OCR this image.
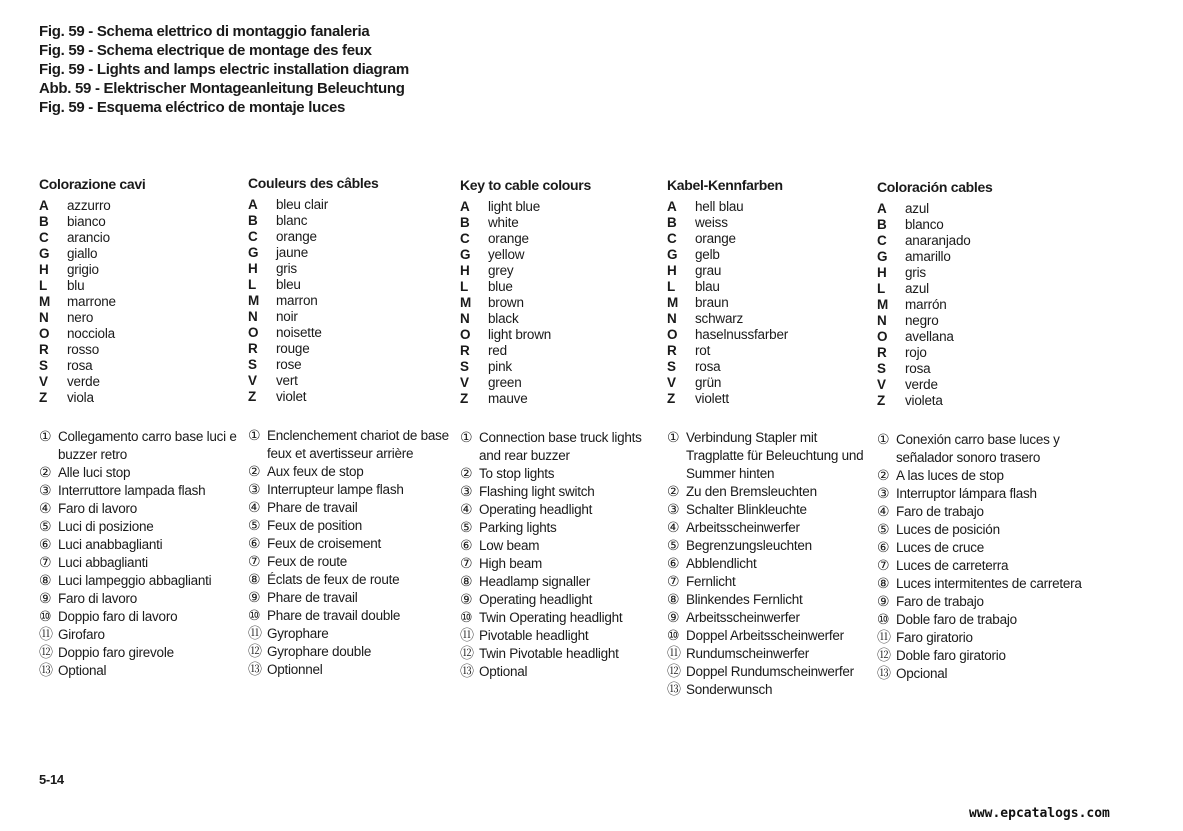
Fig. 59 - Schema elettrico di montaggio fanaleria
Fig. 59 - Schema electrique de montage des feux
Fig. 59 - Lights and lamps electric installation diagram
Abb. 59 - Elektrischer Montageanleitung Beleuchtung
Fig. 59 - Esquema eléctrico de montaje luces
Colorazione cavi
A	azzurro
B	bianco
C	arancio
G	giallo
H	grigio
L	blu
M	marrone
N	nero
O	nocciola
R	rosso
S	rosa
V	verde
Z	viola
① Collegamento carro base luci e buzzer retro
② Alle luci stop
③ Interruttore lampada flash
④ Faro di lavoro
⑤ Luci di posizione
⑥ Luci anabbaglianti
⑦ Luci abbaglianti
⑧ Luci lampeggio abbaglianti
⑨ Faro di lavoro
⑩ Doppio faro di lavoro
⑪ Girofaro
⑫ Doppio faro girevole
⑬ Optional
Couleurs des câbles
A	bleu clair
B	blanc
C	orange
G	jaune
H	gris
L	bleu
M	marron
N	noir
O	noisette
R	rouge
S	rose
V	vert
Z	violet
① Enclenchement chariot de base feux et avertisseur arrière
② Aux feux de stop
③ Interrupteur lampe flash
④ Phare de travail
⑤ Feux de position
⑥ Feux de croisement
⑦ Feux de route
⑧ Éclats de feux de route
⑨ Phare de travail
⑩ Phare de travail double
⑪ Gyrophare
⑫ Gyrophare double
⑬ Optionnel
Key to cable colours
A	light blue
B	white
C	orange
G	yellow
H	grey
L	blue
M	brown
N	black
O	light brown
R	red
S	pink
V	green
Z	mauve
① Connection base truck lights and rear buzzer
② To stop lights
③ Flashing light switch
④ Operating headlight
⑤ Parking lights
⑥ Low beam
⑦ High beam
⑧ Headlamp signaller
⑨ Operating headlight
⑩ Twin Operating headlight
⑪ Pivotable headlight
⑫ Twin Pivotable headlight
⑬ Optional
Kabel-Kennfarben
A	hell blau
B	weiss
C	orange
G	gelb
H	grau
L	blau
M	braun
N	schwarz
O	haselnussfarber
R	rot
S	rosa
V	grün
Z	violett
① Verbindung Stapler mit Tragplatte für Beleuchtung und Summer hinten
② Zu den Bremsleuchten
③ Schalter Blinkleuchte
④ Arbeitsscheinwerfer
⑤ Begrenzungsleuchten
⑥ Abblendlicht
⑦ Fernlicht
⑧ Blinkendes Fernlicht
⑨ Arbeitsscheinwerfer
⑩ Doppel Arbeitsscheinwerfer
⑪ Rundumscheinwerfer
⑫ Doppel Rundumscheinwerfer
⑬ Sonderwunsch
Coloración cables
A	azul
B	blanco
C	anaranjado
G	amarillo
H	gris
L	azul
M	marrón
N	negro
O	avellana
R	rojo
S	rosa
V	verde
Z	violeta
① Conexión carro base luces y señalador sonoro trasero
② A las luces de stop
③ Interruptor lámpara flash
④ Faro de trabajo
⑤ Luces de posición
⑥ Luces de cruce
⑦ Luces de carreterra
⑧ Luces intermitentes de carretera
⑨ Faro de trabajo
⑩ Doble faro de trabajo
⑪ Faro giratorio
⑫ Doble faro giratorio
⑬ Opcional
5-14
www.epcatalogs.com
